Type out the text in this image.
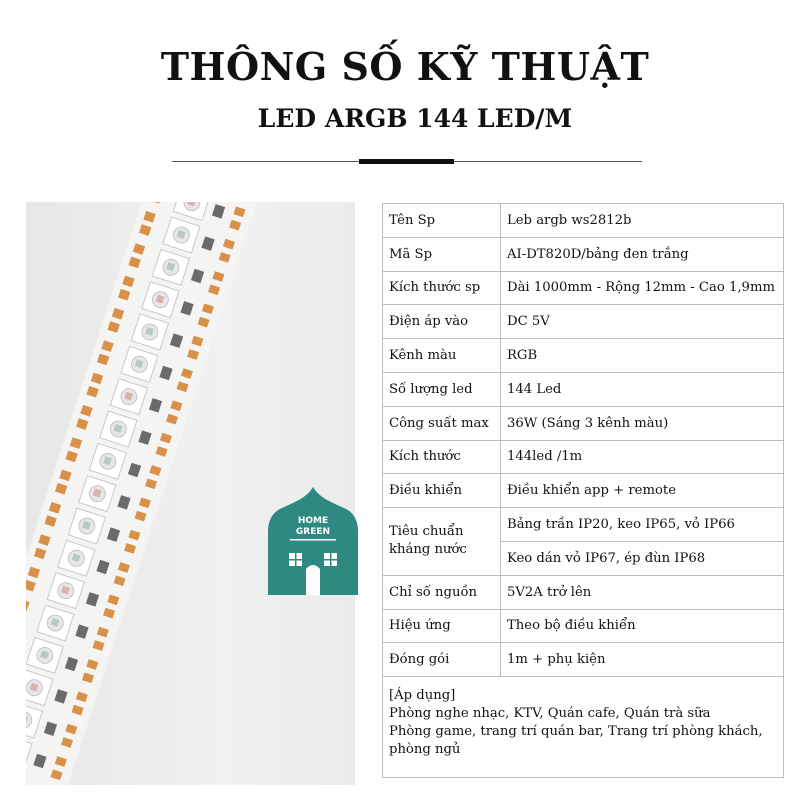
THÔNG SỐ KỸ THUẬT
LED ARGB 144 LED/M
HOME
GREEN
Tên Sp	Leb argb ws2812b
Mã Sp	AI-DT820D/bảng đen trắng
Kích thước sp	Dài 1000mm - Rộng 12mm - Cao 1,9mm
Điện áp vào	DC 5V
Kênh màu	RGB
Số lượng led	144 Led
Công suất max	36W (Sáng 3 kênh màu)
Kích thước	144led /1m
Điều khiển	Điều khiển app + remote
Tiêu chuẩn kháng nước	Bảng trần IP20, keo IP65, vỏ IP66
	Keo dán vỏ IP67, ép đùn IP68
Chỉ số nguồn	5V2A trở lên
Hiệu ứng	Theo bộ điều khiển
Đóng gói	1m + phụ kiện

[Áp dụng]
Phòng nghe nhạc, KTV, Quán cafe, Quán trà sữa
Phòng game, trang trí quán bar, Trang trí phòng khách,
phòng ngủ	
